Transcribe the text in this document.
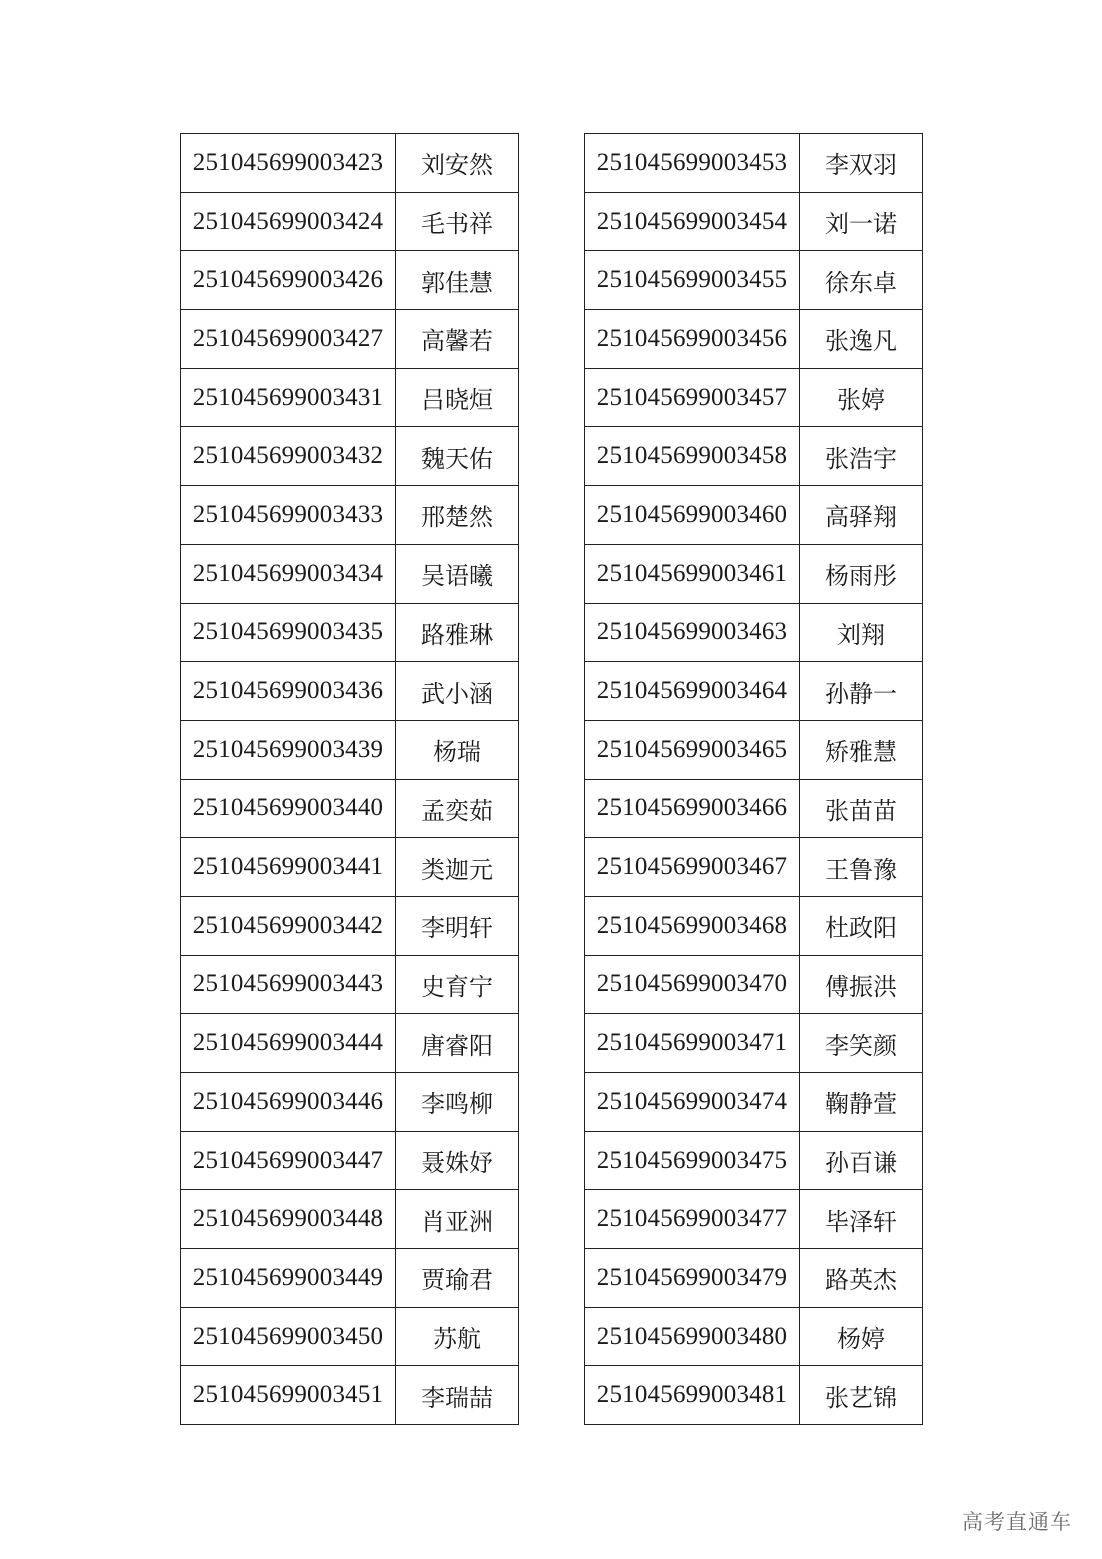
251045699003423	刘安然
251045699003424	毛书祥
251045699003426	郭佳慧
251045699003427	高馨若
251045699003431	吕晓烜
251045699003432	魏天佑
251045699003433	邢楚然
251045699003434	吴语曦
251045699003435	路雅琳
251045699003436	武小涵
251045699003439	杨瑞
251045699003440	孟奕茹
251045699003441	类迦元
251045699003442	李明轩
251045699003443	史育宁
251045699003444	唐睿阳
251045699003446	李鸣柳
251045699003447	聂姝妤
251045699003448	肖亚洲
251045699003449	贾瑜君
251045699003450	苏航
251045699003451	李瑞喆
251045699003453	李双羽
251045699003454	刘一诺
251045699003455	徐东卓
251045699003456	张逸凡
251045699003457	张婷
251045699003458	张浩宇
251045699003460	高驿翔
251045699003461	杨雨彤
251045699003463	刘翔
251045699003464	孙静一
251045699003465	矫雅慧
251045699003466	张苗苗
251045699003467	王鲁豫
251045699003468	杜政阳
251045699003470	傅振洪
251045699003471	李笑颜
251045699003474	鞠静萱
251045699003475	孙百谦
251045699003477	毕泽轩
251045699003479	路英杰
251045699003480	杨婷
251045699003481	张艺锦
高考直通车
